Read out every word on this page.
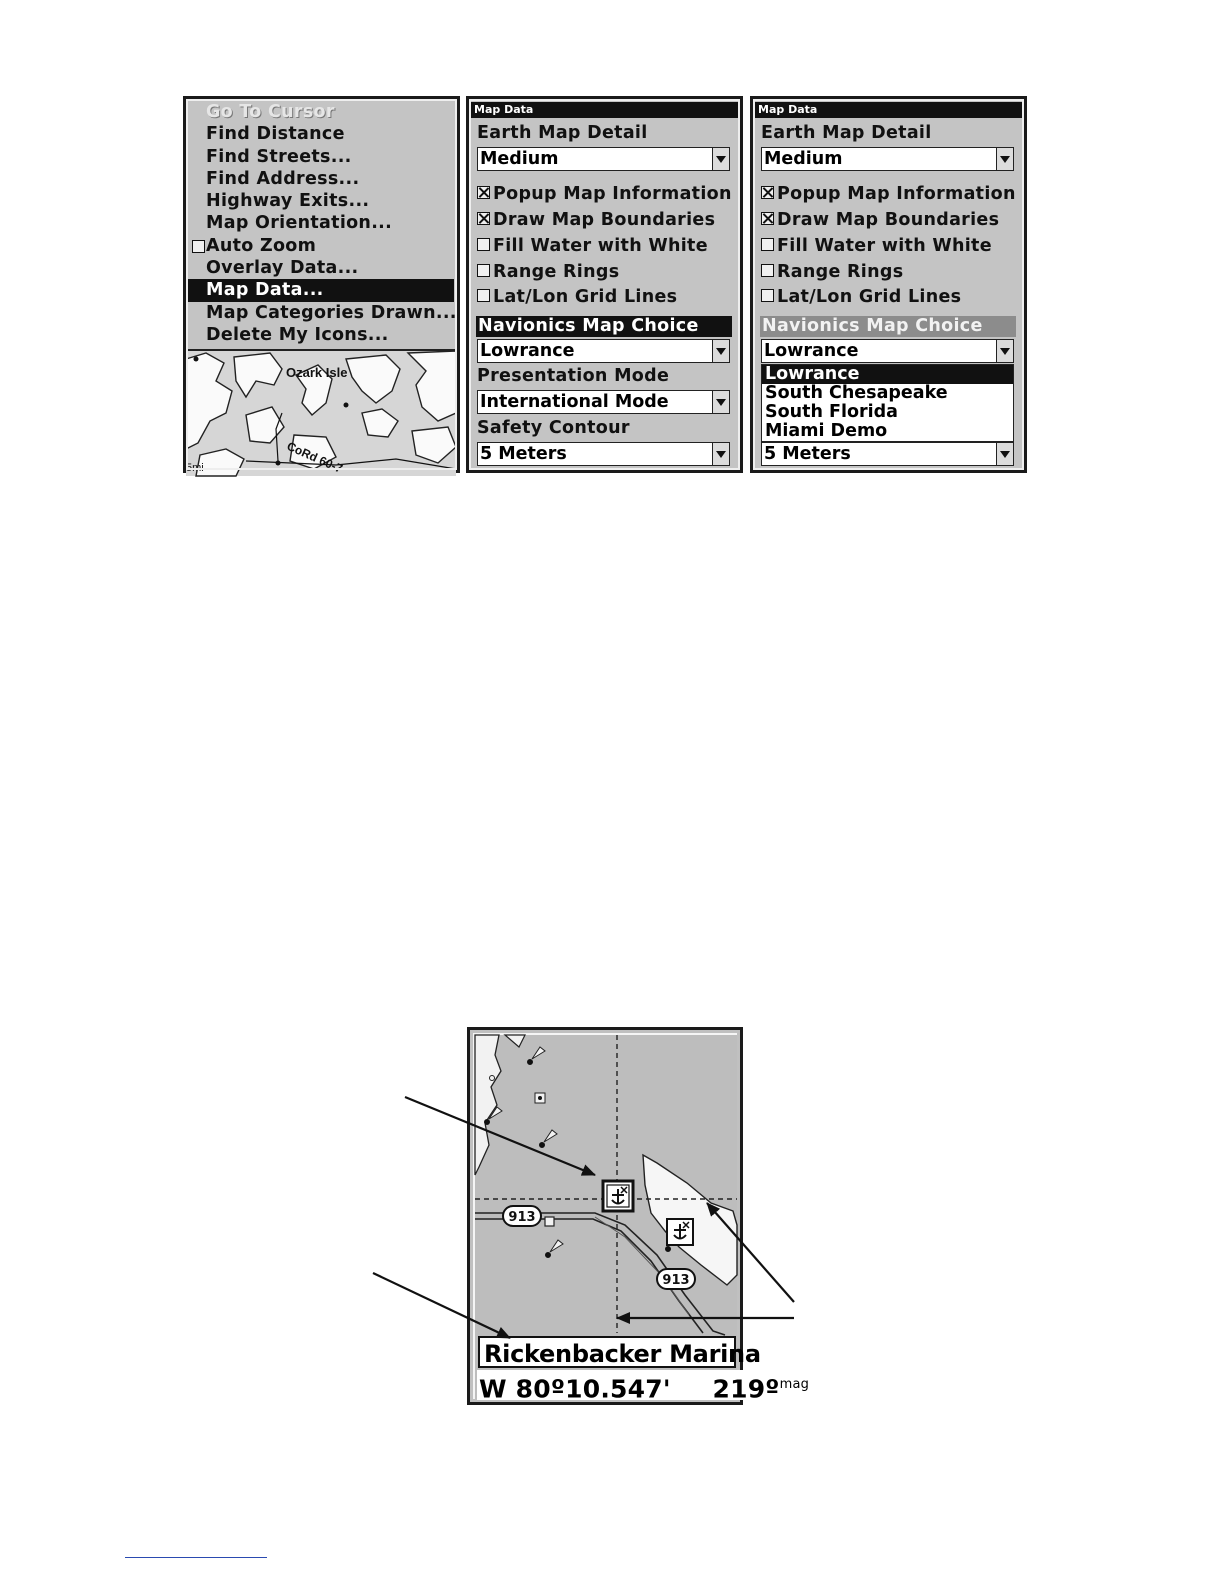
Go To Cursor
Find Distance
Find Streets...
Find Address...
Highway Exits...
Map Orientation...
Auto Zoom
Overlay Data...
Map Data...
Map Categories Drawn...
Delete My Icons...
Ozark Isle
CoRd 60-7
5mi
Map Data
Earth Map Detail
Medium
Popup Map Information
Draw Map Boundaries
Fill Water with White
Range Rings
Lat/Lon Grid Lines
Navionics Map Choice
Lowrance
Presentation Mode
International Mode
Safety Contour
5 Meters
Map Data
Earth Map Detail
Medium
Popup Map Information
Draw Map Boundaries
Fill Water with White
Range Rings
Lat/Lon Grid Lines
Navionics Map Choice
Lowrance
Lowrance
South Chesapeake
South Florida
Miami Demo
5 Meters
913
913
Rickenbacker Marina
W 80º10.547' 219º$^{mag}$
